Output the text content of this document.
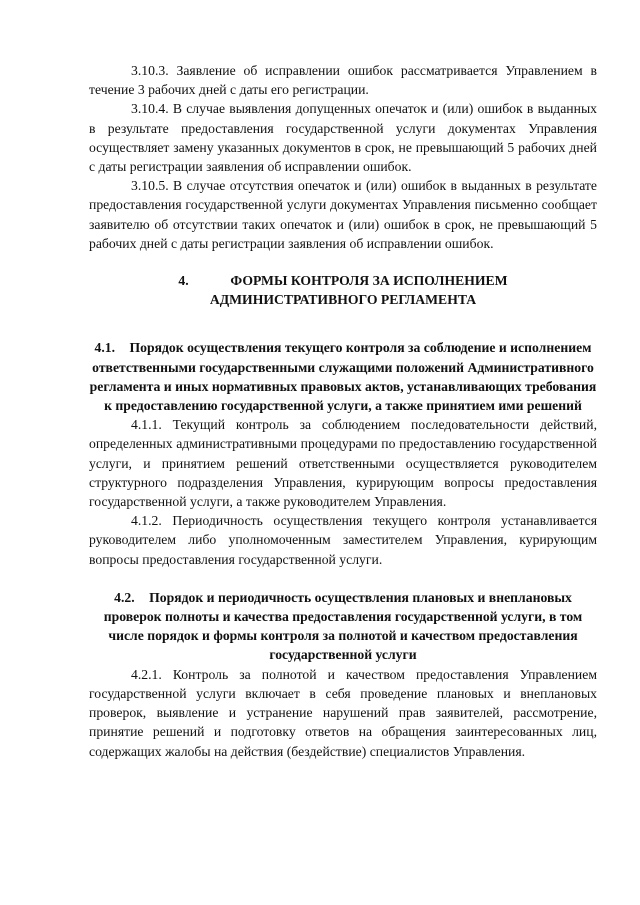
3.10.3. Заявление об исправлении ошибок рассматривается Управлением в течение 3 рабочих дней с даты его регистрации.

3.10.4. В случае выявления допущенных опечаток и (или) ошибок в выданных в результате предоставления государственной услуги документах Управления осуществляет замену указанных документов в срок, не превышающий 5 рабочих дней с даты регистрации заявления об исправлении ошибок.

3.10.5. В случае отсутствия опечаток и (или) ошибок в выданных в результате предоставления государственной услуги документах Управления письменно сообщает заявителю об отсутствии таких опечаток и (или) ошибок в срок, не превышающий 5 рабочих дней с даты регистрации заявления об исправлении ошибок.

4.	ФОРМЫ КОНТРОЛЯ ЗА ИСПОЛНЕНИЕМ
АДМИНИСТРАТИВНОГО РЕГЛАМЕНТА
4.1. Порядок осуществления текущего контроля за соблюдение и исполнением ответственными государственными служащими положений Административного регламента и иных нормативных правовых актов, устанавливающих требования к предоставлению государственной услуги, а также принятием ими решений

4.1.1. Текущий контроль за соблюдением последовательности действий, определенных административными процедурами по предоставлению государственной услуги, и принятием решений ответственными осуществляется руководителем структурного подразделения Управления, курирующим вопросы предоставления государственной услуги, а также руководителем Управления.

4.1.2. Периодичность осуществления текущего контроля устанавливается руководителем либо уполномоченным заместителем Управления, курирующим вопросы предоставления государственной услуги.

4.2. Порядок и периодичность осуществления плановых и внеплановых проверок полноты и качества предоставления государственной услуги, в том числе порядок и формы контроля за полнотой и качеством предоставления государственной услуги

4.2.1. Контроль за полнотой и качеством предоставления Управлением государственной услуги включает в себя проведение плановых и внеплановых проверок, выявление и устранение нарушений прав заявителей, рассмотрение, принятие решений и подготовку ответов на обращения заинтересованных лиц, содержащих жалобы на действия (бездействие) специалистов Управления.
